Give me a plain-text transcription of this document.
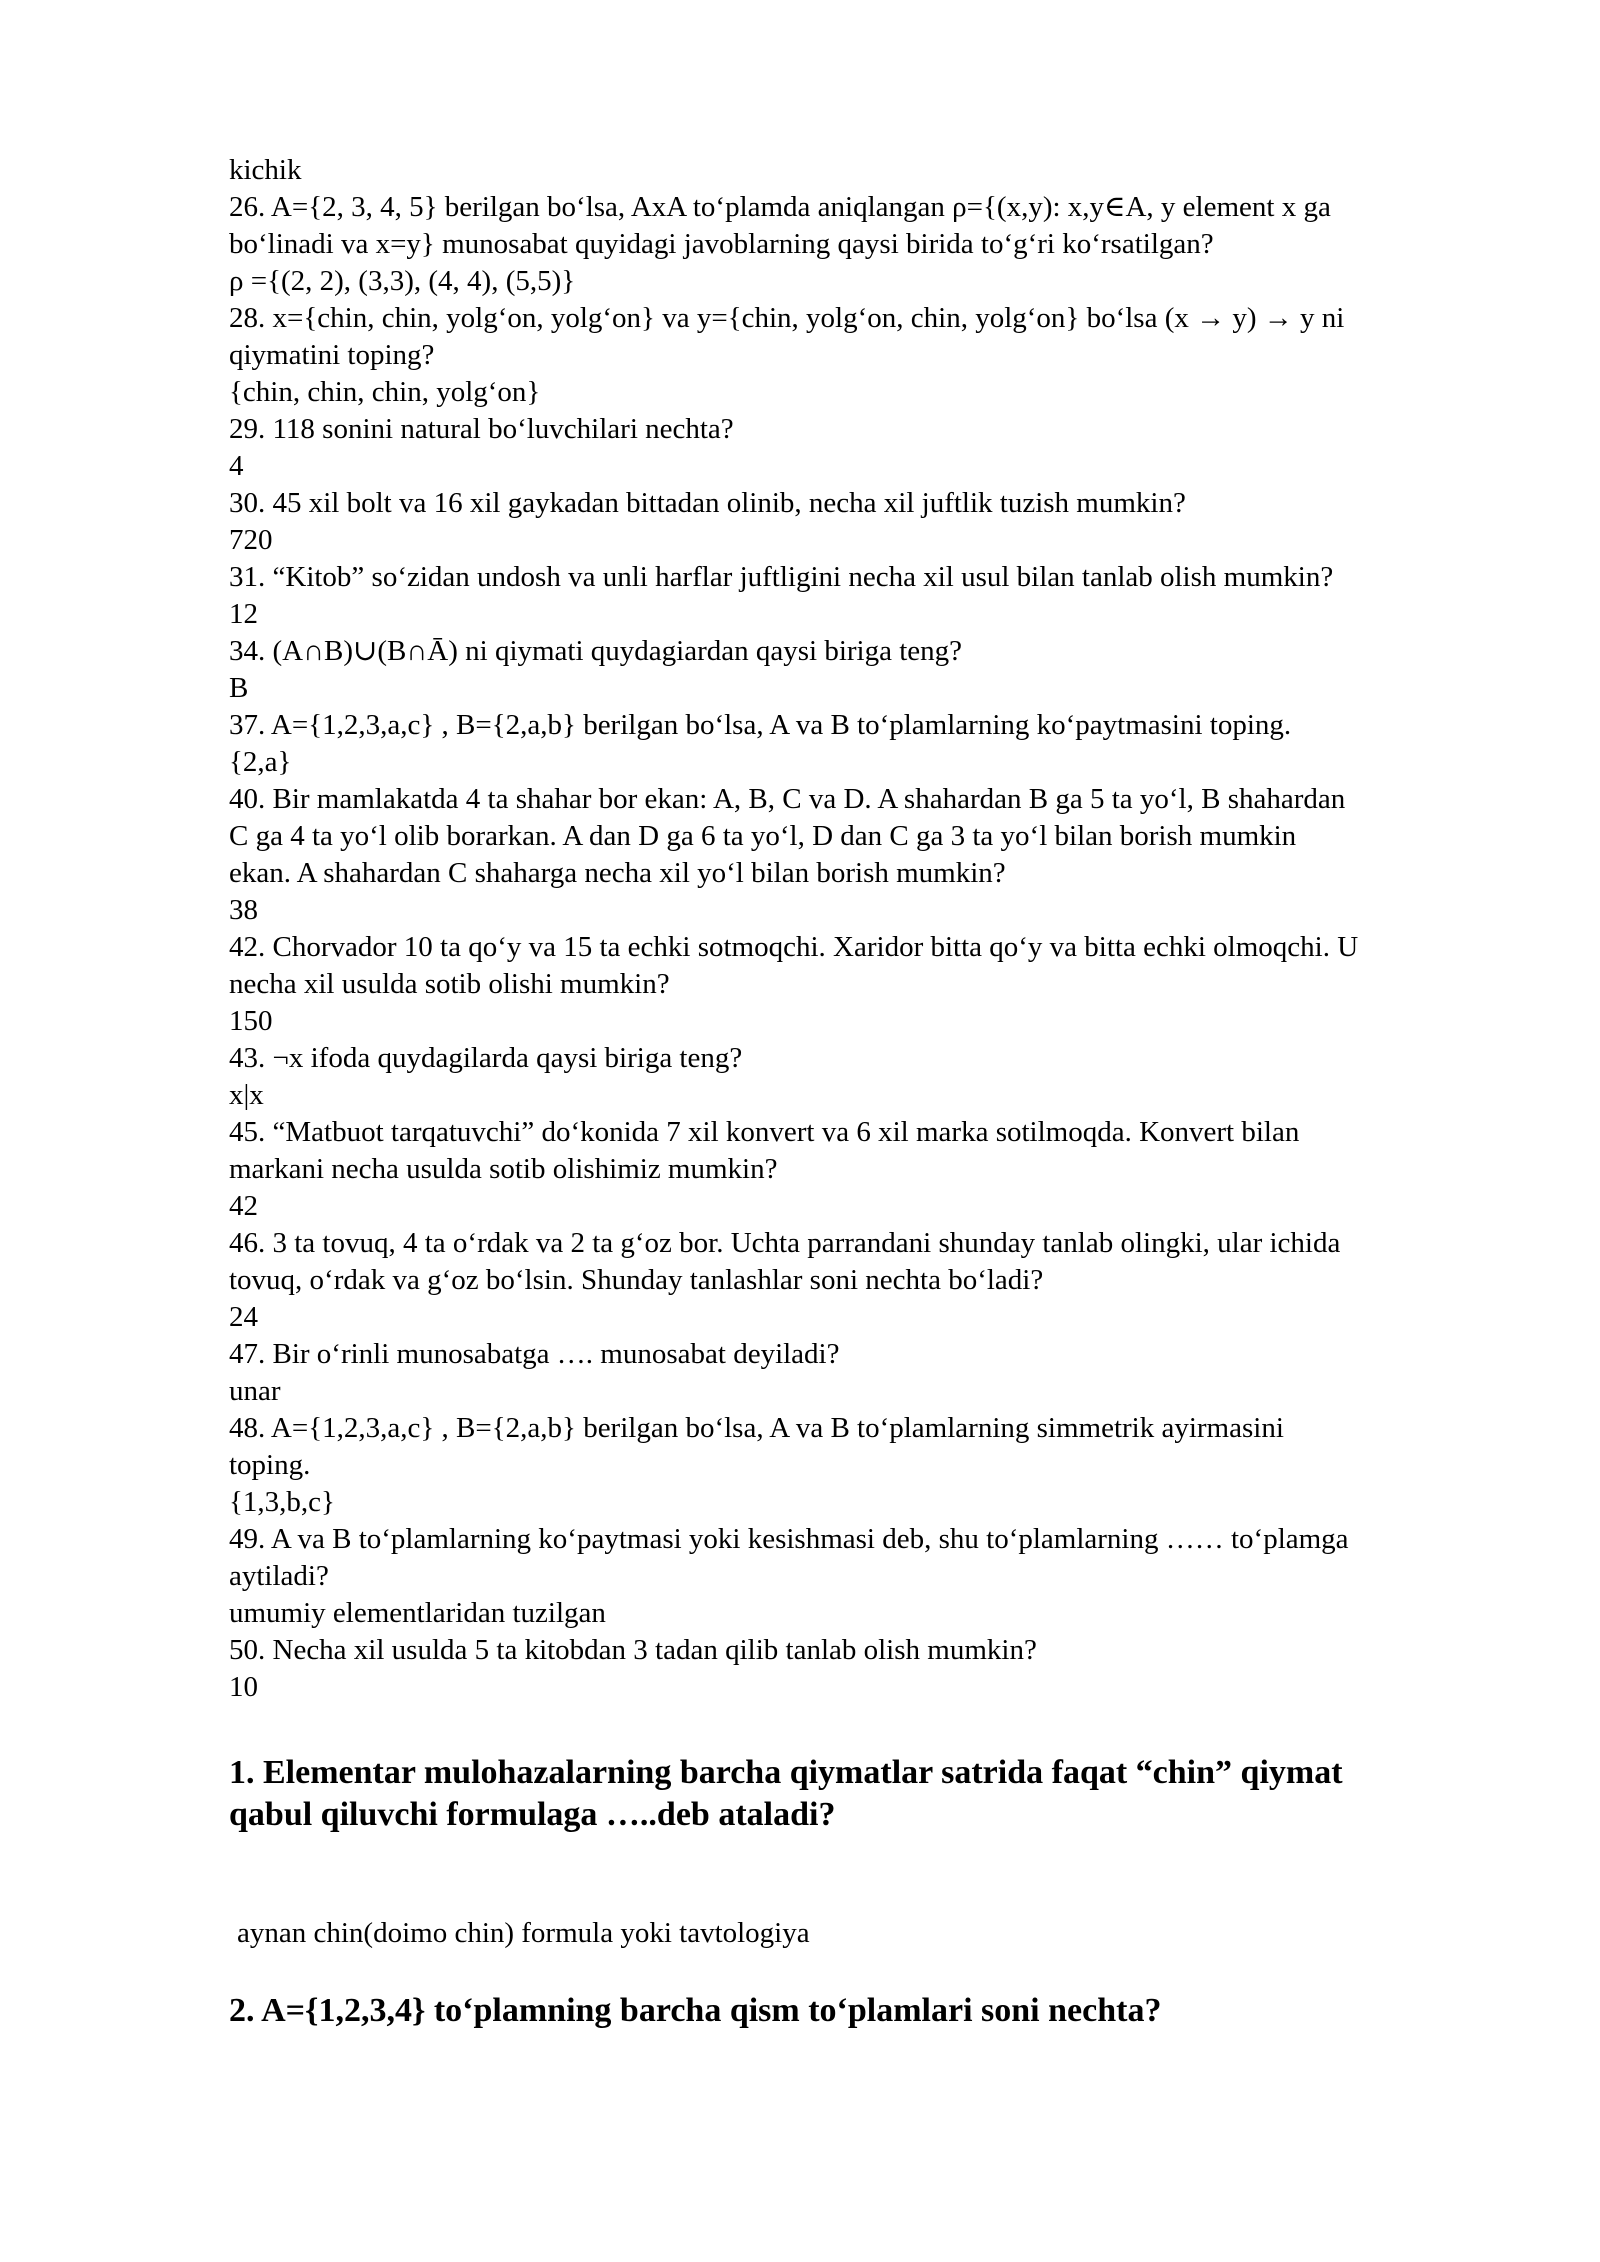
kichik
26. A={2, 3, 4, 5} berilgan bo‘lsa, AxA to‘plamda aniqlangan ρ={(x,y): x,y∈A, y element x ga
bo‘linadi va x=y} munosabat quyidagi javoblarning qaysi birida to‘g‘ri ko‘rsatilgan?
ρ ={(2, 2), (3,3), (4, 4), (5,5)}
28. x={chin, chin, yolg‘on, yolg‘on} va y={chin, yolg‘on, chin, yolg‘on} bo‘lsa (x → y) → y ni
qiymatini toping?
{chin, chin, chin, yolg‘on}
29. 118 sonini natural bo‘luvchilari nechta?
4
30. 45 xil bolt va 16 xil gaykadan bittadan olinib, necha xil juftlik tuzish mumkin?
720
31. “Kitob” so‘zidan undosh va unli harflar juftligini necha xil usul bilan tanlab olish mumkin?
12
34. (A∩B)∪(B∩Ā) ni qiymati quydagiardan qaysi biriga teng?
B
37. A={1,2,3,a,c} , B={2,a,b} berilgan bo‘lsa, A va B to‘plamlarning ko‘paytmasini toping.
{2,a}
40. Bir mamlakatda 4 ta shahar bor ekan: A, B, C va D. A shahardan B ga 5 ta yo‘l, B shahardan
C ga 4 ta yo‘l olib borarkan. A dan D ga 6 ta yo‘l, D dan C ga 3 ta yo‘l bilan borish mumkin
ekan. A shahardan C shaharga necha xil yo‘l bilan borish mumkin?
38
42. Chorvador 10 ta qo‘y va 15 ta echki sotmoqchi. Xaridor bitta qo‘y va bitta echki olmoqchi. U
necha xil usulda sotib olishi mumkin?
150
43. ¬x ifoda quydagilarda qaysi biriga teng?
x|x
45. “Matbuot tarqatuvchi” do‘konida 7 xil konvert va 6 xil marka sotilmoqda. Konvert bilan
markani necha usulda sotib olishimiz mumkin?
42
46. 3 ta tovuq, 4 ta o‘rdak va 2 ta g‘oz bor. Uchta parrandani shunday tanlab olingki, ular ichida
tovuq, o‘rdak va g‘oz bo‘lsin. Shunday tanlashlar soni nechta bo‘ladi?
24
47. Bir o‘rinli munosabatga …. munosabat deyiladi?
unar
48. A={1,2,3,a,c} , B={2,a,b} berilgan bo‘lsa, A va B to‘plamlarning simmetrik ayirmasini
toping.
{1,3,b,c}
49. A va B to‘plamlarning ko‘paytmasi yoki kesishmasi deb, shu to‘plamlarning …… to‘plamga
aytiladi?
umumiy elementlaridan tuzilgan
50. Necha xil usulda 5 ta kitobdan 3 tadan qilib tanlab olish mumkin?
10
1. Elementar mulohazalarning barcha qiymatlar satrida faqat “chin” qiymat
qabul qiluvchi formulaga …..deb ataladi?
aynan chin(doimo chin) formula yoki tavtologiya
2. A={1,2,3,4} to‘plamning barcha qism to‘plamlari soni nechta?
